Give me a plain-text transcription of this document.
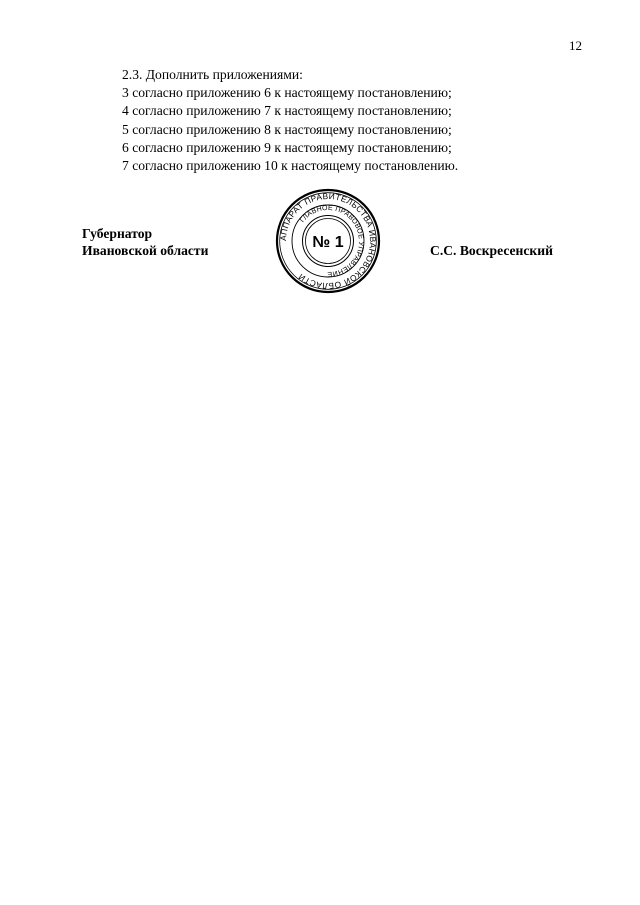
12

2.3. Дополнить приложениями:

3 согласно приложению 6 к настоящему постановлению;

4 согласно приложению 7 к настоящему постановлению;

5 согласно приложению 8 к настоящему постановлению;

6 согласно приложению 9 к настоящему постановлению;

7 согласно приложению 10 к настоящему постановлению.

Губернатор

Ивановской области

АППАРАТ ПРАВИТЕЛЬСТВА ИВАНОВСКОЙ ОБЛАСТИ
ГЛАВНОЕ ПРАВОВОЕ УПРАВЛЕНИЕ
№ 1	С.С. Воскресенский
